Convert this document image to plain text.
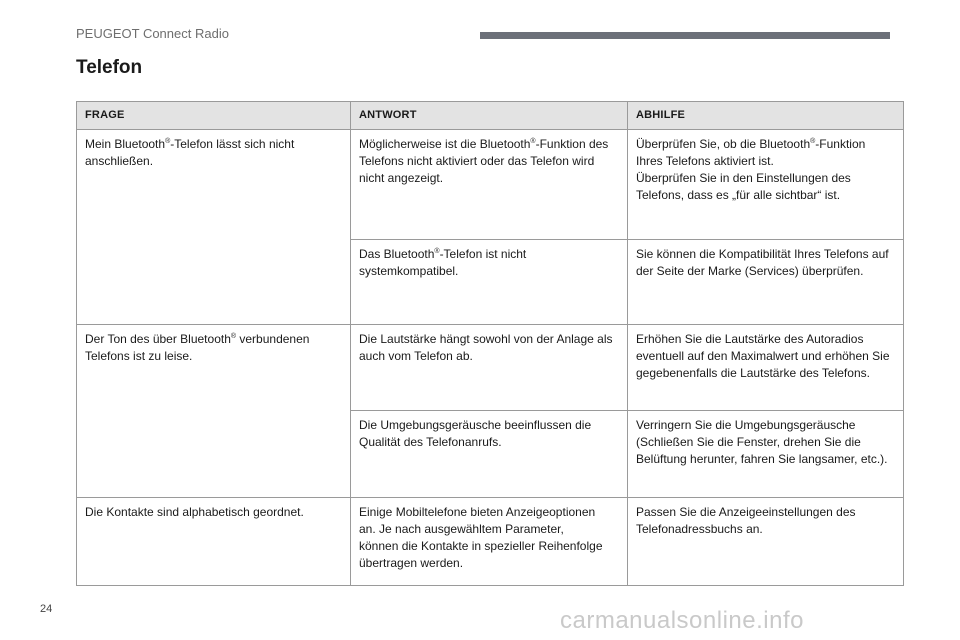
PEUGEOT Connect Radio
Telefon
FRAGE	ANTWORT	ABHILFE

Mein Bluetooth®-Telefon lässt sich nicht
anschließen.	Möglicherweise ist die Bluetooth®-Funktion des
Telefons nicht aktiviert oder das Telefon wird
nicht angezeigt.	Überprüfen Sie, ob die Bluetooth®-Funktion
Ihres Telefons aktiviert ist.
Überprüfen Sie in den Einstellungen des
Telefons, dass es „für alle sichtbar“ ist.

	Das Bluetooth®-Telefon ist nicht
systemkompatibel.	Sie können die Kompatibilität Ihres Telefons auf
der Seite der Marke (Services) überprüfen.

Der Ton des über Bluetooth® verbundenen
Telefons ist zu leise.	Die Lautstärke hängt sowohl von der Anlage als
auch vom Telefon ab.	Erhöhen Sie die Lautstärke des Autoradios
eventuell auf den Maximalwert und erhöhen Sie
gegebenenfalls die Lautstärke des Telefons.

	Die Umgebungsgeräusche beeinflussen die
Qualität des Telefonanrufs.	Verringern Sie die Umgebungsgeräusche
(Schließen Sie die Fenster, drehen Sie die
Belüftung herunter, fahren Sie langsamer, etc.).

Die Kontakte sind alphabetisch geordnet.	Einige Mobiltelefone bieten Anzeigeoptionen
an. Je nach ausgewähltem Parameter,
können die Kontakte in spezieller Reihenfolge
übertragen werden.	Passen Sie die Anzeigeeinstellungen des
Telefonadressbuchs an.
24	carmanualsonline.info
